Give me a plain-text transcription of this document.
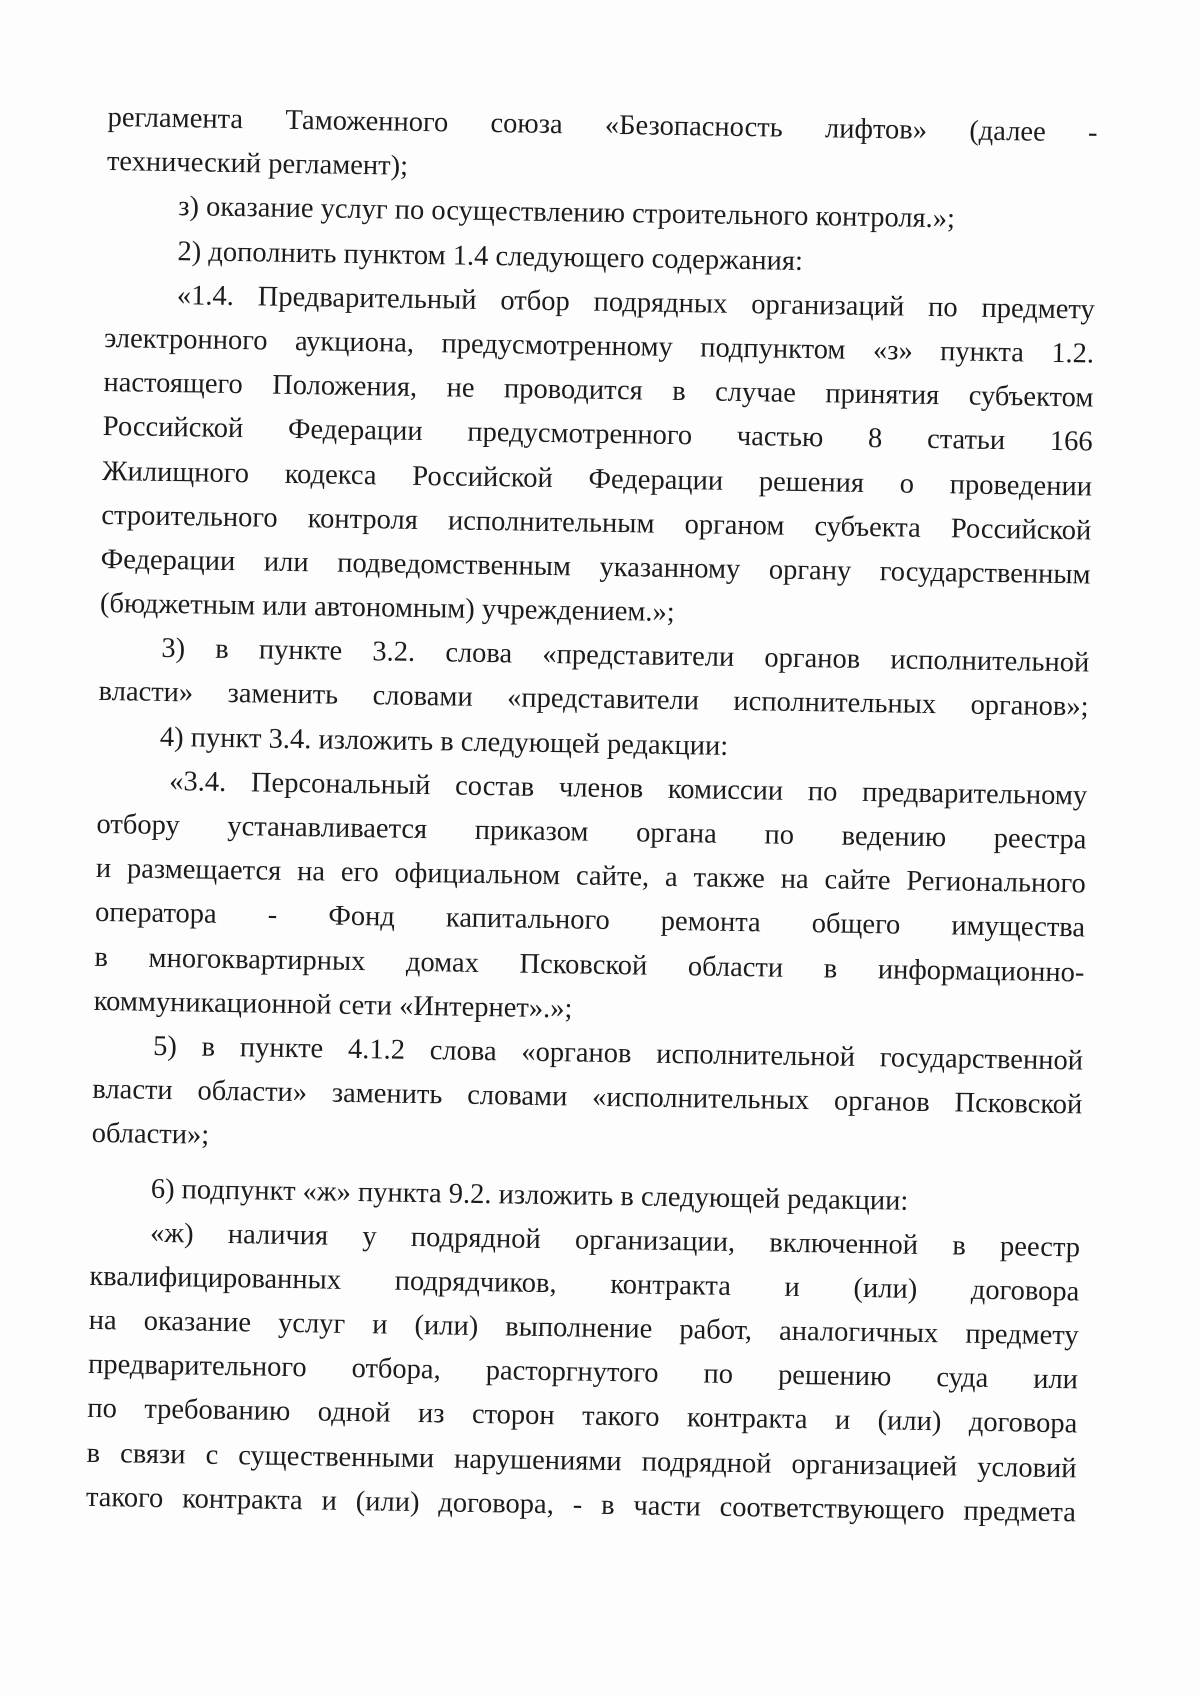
регламента Таможенного союза «Безопасность лифтов» (далее -
технический регламент);
з) оказание услуг по осуществлению строительного контроля.»;
2) дополнить пунктом 1.4 следующего содержания:
«1.4. Предварительный отбор подрядных организаций по предмету
электронного аукциона, предусмотренному подпунктом «з» пункта 1.2.
настоящего Положения, не проводится в случае принятия субъектом
Российской Федерации предусмотренного частью 8 статьи 166
Жилищного кодекса Российской Федерации решения о проведении
строительного контроля исполнительным органом субъекта Российской
Федерации или подведомственным указанному органу государственным
(бюджетным или автономным) учреждением.»;
3) в пункте 3.2. слова «представители органов исполнительной
власти» заменить словами «представители исполнительных органов»;
4) пункт 3.4. изложить в следующей редакции:
«3.4. Персональный состав членов комиссии по предварительному
отбору устанавливается приказом органа по ведению реестра
и размещается на его официальном сайте, а также на сайте Регионального
оператора - Фонд капитального ремонта общего имущества
в многоквартирных домах Псковской области в информационно-
коммуникационной сети «Интернет».»;
5) в пункте 4.1.2 слова «органов исполнительной государственной
власти области» заменить словами «исполнительных органов Псковской
области»;
6) подпункт «ж» пункта 9.2. изложить в следующей редакции:
«ж) наличия у подрядной организации, включенной в реестр
квалифицированных подрядчиков, контракта и (или) договора
на оказание услуг и (или) выполнение работ, аналогичных предмету
предварительного отбора, расторгнутого по решению суда или
по требованию одной из сторон такого контракта и (или) договора
в связи с существенными нарушениями подрядной организацией условий
такого контракта и (или) договора, - в части соответствующего предмета
